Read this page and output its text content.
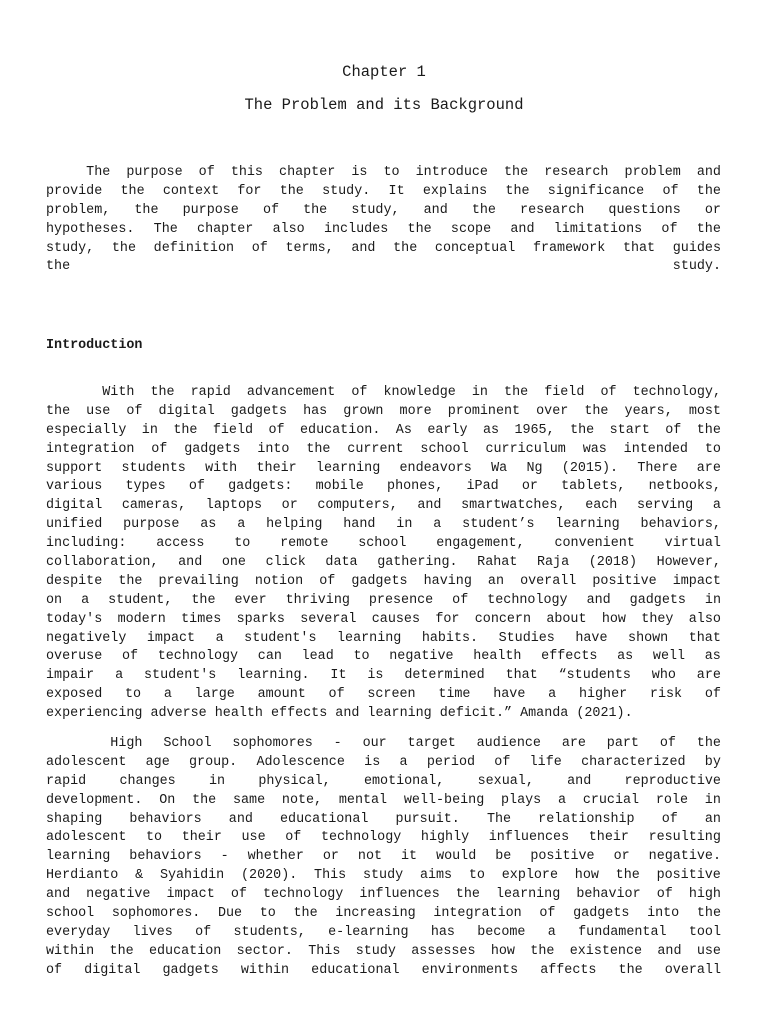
Chapter 1
The Problem and its Background
The purpose of this chapter is to introduce the research problem and
provide the context for the study. It explains the significance of the
problem, the purpose of the study, and the research questions or
hypotheses. The chapter also includes the scope and limitations of the
study, the definition of terms, and the conceptual framework that guides
the	study.
Introduction
With the rapid advancement of knowledge in the field of technology,
the use of digital gadgets has grown more prominent over the years, most
especially in the field of education. As early as 1965, the start of the
integration of gadgets into the current school curriculum was intended to
support students with their learning endeavors Wa Ng (2015). There are
various types of gadgets: mobile phones, iPad or tablets, netbooks,
digital cameras, laptops or computers, and smartwatches, each serving a
unified purpose as a helping hand in a student’s learning behaviors,
including: access to remote school engagement, convenient virtual
collaboration, and one click data gathering. Rahat Raja (2018) However,
despite the prevailing notion of gadgets having an overall positive impact
on a student, the ever thriving presence of technology and gadgets in
today's modern times sparks several causes for concern about how they also
negatively impact a student's learning habits. Studies have shown that
overuse of technology can lead to negative health effects as well as
impair a student's learning. It is determined that “students who are
exposed to a large amount of screen time have a higher risk of
experiencing adverse health effects and learning deficit.” Amanda (2021).
High School sophomores - our target audience are part of the
adolescent age group. Adolescence is a period of life characterized by
rapid changes in physical, emotional, sexual, and reproductive
development. On the same note, mental well-being plays a crucial role in
shaping behaviors and educational pursuit. The relationship of an
adolescent to their use of technology highly influences their resulting
learning behaviors - whether or not it would be positive or negative.
Herdianto & Syahidin (2020). This study aims to explore how the positive
and negative impact of technology influences the learning behavior of high
school sophomores. Due to the increasing integration of gadgets into the
everyday lives of students, e-learning has become a fundamental tool
within the education sector. This study assesses how the existence and use
of digital gadgets within educational environments affects the overall
